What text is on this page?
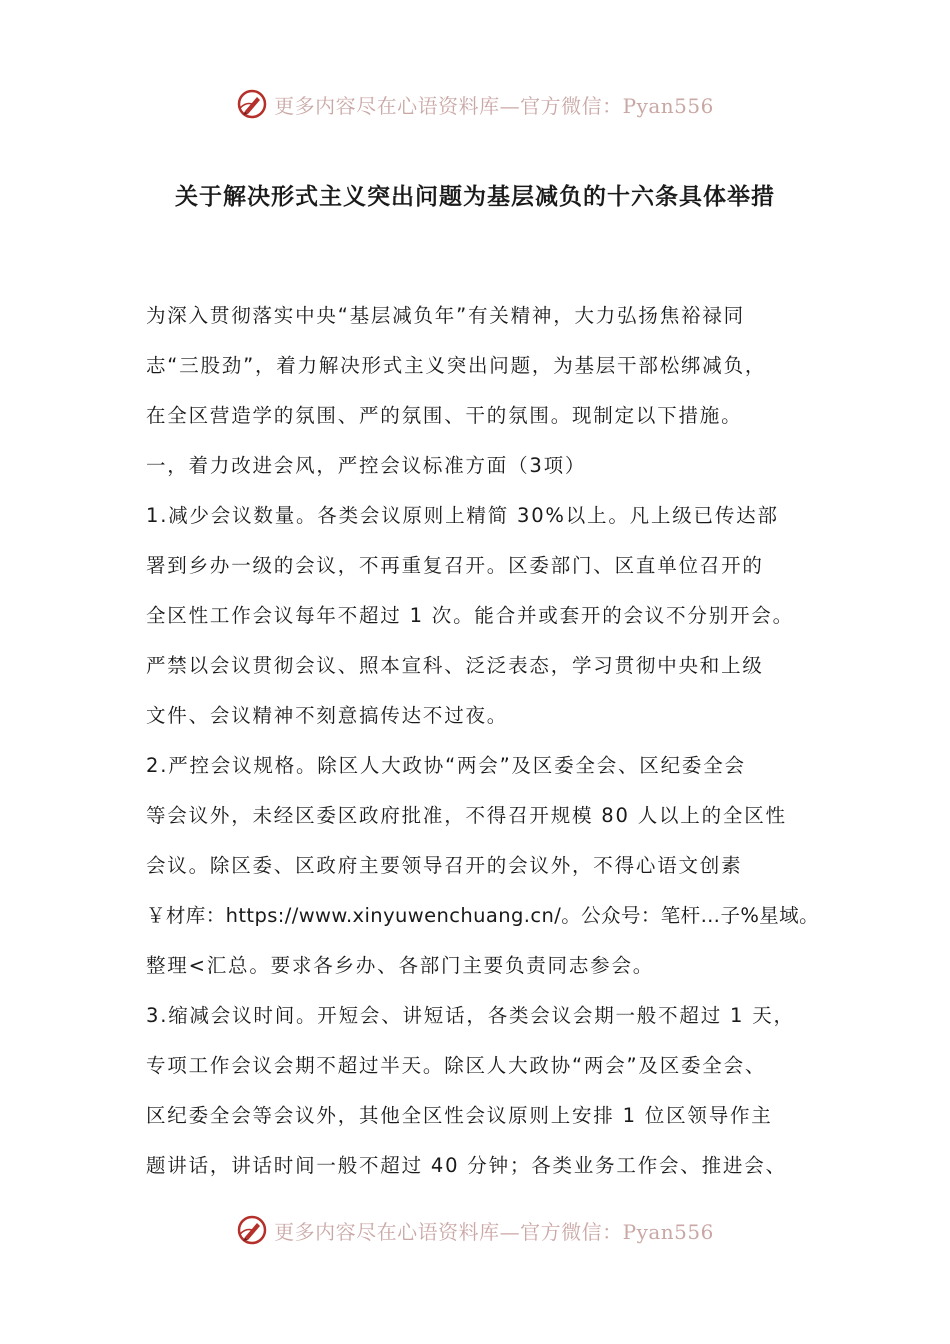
更多内容尽在心语资料库—官方微信：Pyan556
关于解决形式主义突出问题为基层减负的十六条具体举措
为深入贯彻落实中央“基层减负年”有关精神，大力弘扬焦裕禄同
志“三股劲”，着力解决形式主义突出问题，为基层干部松绑减负，
在全区营造学的氛围、严的氛围、干的氛围。现制定以下措施。
一，着力改进会风，严控会议标准方面（3项）
1.减少会议数量。各类会议原则上精简 30%以上。凡上级已传达部
署到乡办一级的会议，不再重复召开。区委部门、区直单位召开的
全区性工作会议每年不超过 1 次。能合并或套开的会议不分别开会。
严禁以会议贯彻会议、照本宣科、泛泛表态，学习贯彻中央和上级
文件、会议精神不刻意搞传达不过夜。
2.严控会议规格。除区人大政协“两会”及区委全会、区纪委全会
等会议外，未经区委区政府批准，不得召开规模 80 人以上的全区性
会议。除区委、区政府主要领导召开的会议外，不得心语文创素
￥材库：https://www.xinyuwenchuang.cn/。公众号：笔杆…子%星域。
整理<汇总。要求各乡办、各部门主要负责同志参会。
3.缩减会议时间。开短会、讲短话，各类会议会期一般不超过 1 天，
专项工作会议会期不超过半天。除区人大政协“两会”及区委全会、
区纪委全会等会议外，其他全区性会议原则上安排 1 位区领导作主
题讲话，讲话时间一般不超过 40 分钟；各类业务工作会、推进会、
更多内容尽在心语资料库—官方微信：Pyan556
